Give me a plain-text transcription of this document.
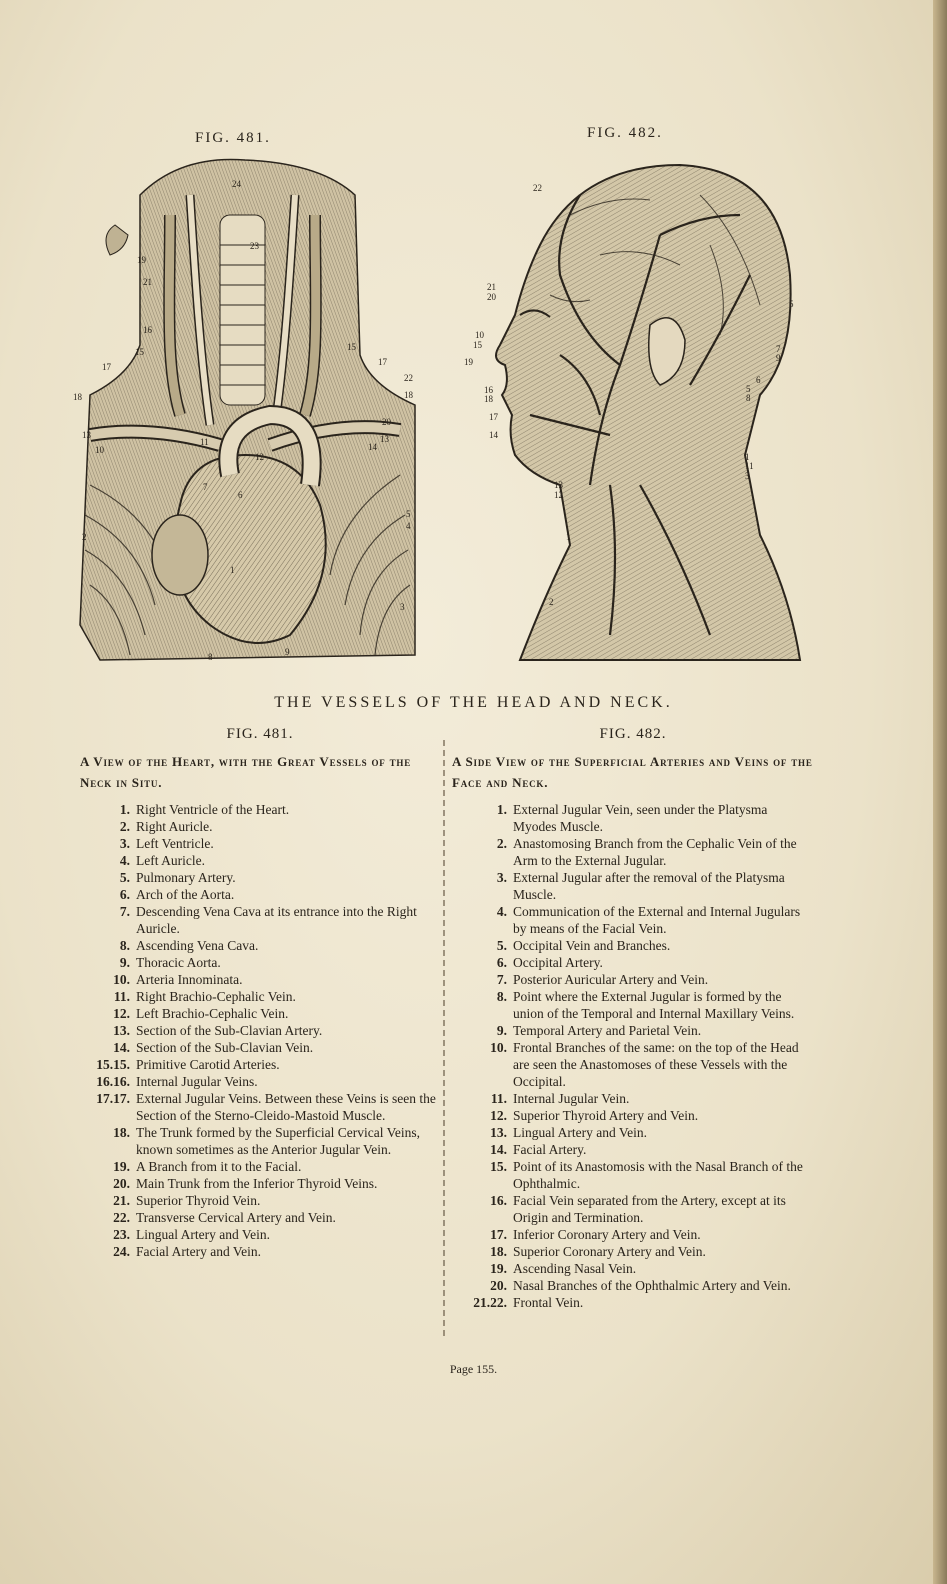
FIG. 481.	FIG. 482.
24
23
19
21
16
15
17
15
17
22
18
18
13
10
11
12
20
13
14
7
6
5
4
2
1
3
8	9
22
21
20
10
15
19
16
18
17
14
5
7
9
6
5
8
1
11
3
13
12
1
2
THE VESSELS OF THE HEAD AND NECK.
FIG. 481.
A View of the Heart, with the Great Vessels of the Neck in Situ.
1. Right Ventricle of the Heart.
2. Right Auricle.
3. Left Ventricle.
4. Left Auricle.
5. Pulmonary Artery.
6. Arch of the Aorta.
7. Descending Vena Cava at its entrance into the Right Auricle.
8. Ascending Vena Cava.
9. Thoracic Aorta.
10. Arteria Innominata.
11. Right Brachio-Cephalic Vein.
12. Left Brachio-Cephalic Vein.
13. Section of the Sub-Clavian Artery.
14. Section of the Sub-Clavian Vein.
15.15. Primitive Carotid Arteries.
16.16. Internal Jugular Veins.
17.17. External Jugular Veins. Between these Veins is seen the Section of the Sterno-Cleido-Mastoid Muscle.
18. The Trunk formed by the Superficial Cervical Veins, known sometimes as the Anterior Jugular Vein.
19. A Branch from it to the Facial.
20. Main Trunk from the Inferior Thyroid Veins.
21. Superior Thyroid Vein.
22. Transverse Cervical Artery and Vein.
23. Lingual Artery and Vein.
24. Facial Artery and Vein.
FIG. 482.
A Side View of the Superficial Arteries and Veins of the Face and Neck.
1. External Jugular Vein, seen under the Platysma Myodes Muscle.
2. Anastomosing Branch from the Cephalic Vein of the Arm to the External Jugular.
3. External Jugular after the removal of the Platysma Muscle.
4. Communication of the External and Internal Jugulars by means of the Facial Vein.
5. Occipital Vein and Branches.
6. Occipital Artery.
7. Posterior Auricular Artery and Vein.
8. Point where the External Jugular is formed by the union of the Temporal and Internal Maxillary Veins.
9. Temporal Artery and Parietal Vein.
10. Frontal Branches of the same: on the top of the Head are seen the Anastomoses of these Vessels with the Occipital.
11. Internal Jugular Vein.
12. Superior Thyroid Artery and Vein.
13. Lingual Artery and Vein.
14. Facial Artery.
15. Point of its Anastomosis with the Nasal Branch of the Ophthalmic.
16. Facial Vein separated from the Artery, except at its Origin and Termination.
17. Inferior Coronary Artery and Vein.
18. Superior Coronary Artery and Vein.
19. Ascending Nasal Vein.
20. Nasal Branches of the Ophthalmic Artery and Vein.
21.22. Frontal Vein.
Page 155.
